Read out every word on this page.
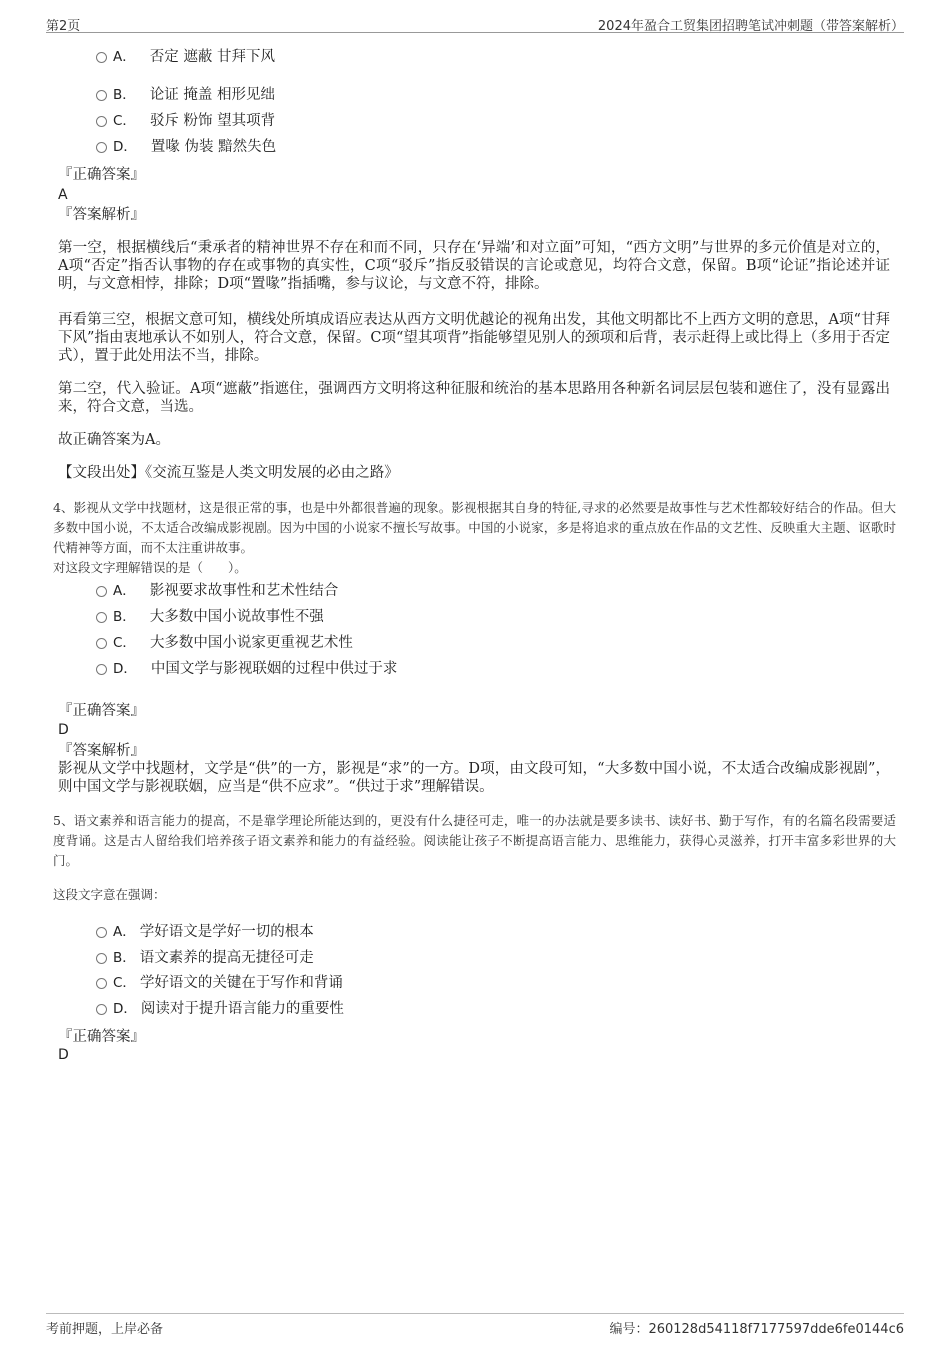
第2页	2024年盈合工贸集团招聘笔试冲刺题（带答案解析）
A． 否定 遮蔽 甘拜下风
B． 论证 掩盖 相形见绌
C． 驳斥 粉饰 望其项背
D． 置喙 伪装 黯然失色
『正确答案』
A
『答案解析』

第一空，根据横线后“秉承者的精神世界不存在和而不同，只存在‘异端’和对立面”可知，“西方文明”与世界的多元价值是对立的，A项“否定”指否认事物的存在或事物的真实性，C项“驳斥”指反驳错误的言论或意见，均符合文意，保留。B项“论证”指论述并证明，与文意相悖，排除；D项“置喙”指插嘴，参与议论，与文意不符，排除。

再看第三空，根据文意可知，横线处所填成语应表达从西方文明优越论的视角出发，其他文明都比不上西方文明的意思，A项“甘拜下风”指由衷地承认不如别人，符合文意，保留。C项“望其项背”指能够望见别人的颈项和后背，表示赶得上或比得上（多用于否定式），置于此处用法不当，排除。

第二空，代入验证。A项“遮蔽”指遮住，强调西方文明将这种征服和统治的基本思路用各种新名词层层包装和遮住了，没有显露出来，符合文意，当选。

故正确答案为A。

【文段出处】《交流互鉴是人类文明发展的必由之路》

4、影视从文学中找题材，这是很正常的事，也是中外都很普遍的现象。影视根据其自身的特征,寻求的必然要是故事性与艺术性都较好结合的作品。但大多数中国小说，不太适合改编成影视剧。因为中国的小说家不擅长写故事。中国的小说家，多是将追求的重点放在作品的文艺性、反映重大主题、讴歌时代精神等方面，而不太注重讲故事。

对这段文字理解错误的是（　　）。
A． 影视要求故事性和艺术性结合
B． 大多数中国小说故事性不强
C． 大多数中国小说家更重视艺术性
D． 中国文学与影视联姻的过程中供过于求
『正确答案』
D
『答案解析』

影视从文学中找题材，文学是“供”的一方，影视是“求”的一方。D项，由文段可知，“大多数中国小说，不太适合改编成影视剧”，则中国文学与影视联姻，应当是“供不应求”。“供过于求”理解错误。

5、语文素养和语言能力的提高，不是靠学理论所能达到的，更没有什么捷径可走，唯一的办法就是要多读书、读好书、勤于写作，有的名篇名段需要适度背诵。这是古人留给我们培养孩子语文素养和能力的有益经验。阅读能让孩子不断提高语言能力、思维能力，获得心灵滋养，打开丰富多彩世界的大门。

这段文字意在强调：
A． 学好语文是学好一切的根本
B． 语文素养的提高无捷径可走
C． 学好语文的关键在于写作和背诵
D． 阅读对于提升语言能力的重要性
『正确答案』
D
考前押题，上岸必备	编号：260128d54118f7177597dde6fe0144c6
